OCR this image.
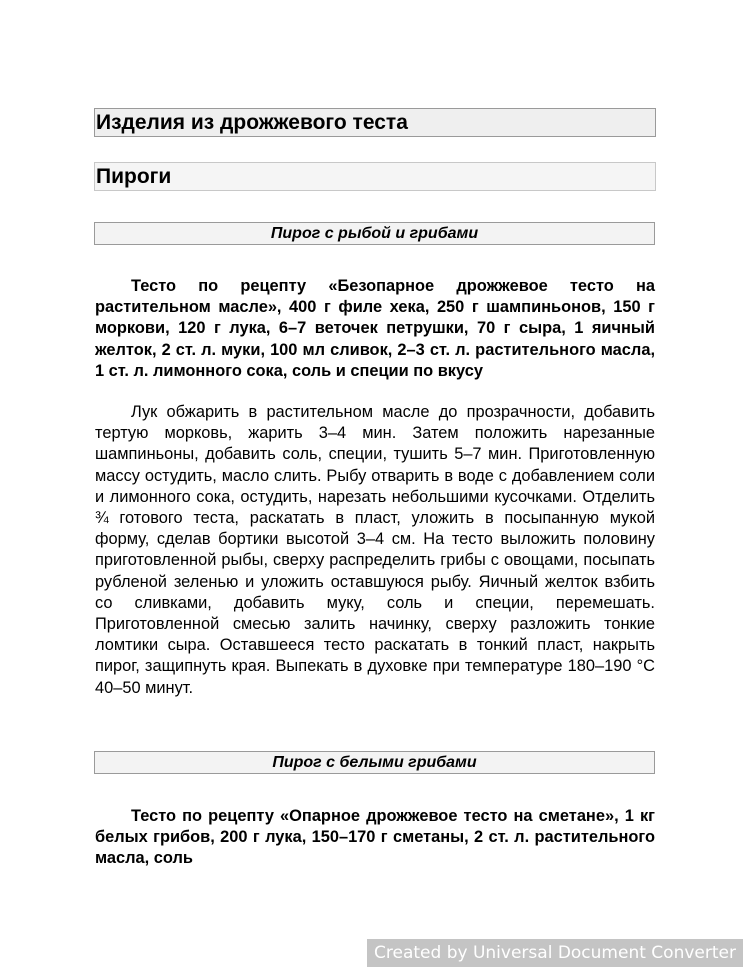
Изделия из дрожжевого теста
Пироги
Пирог с рыбой и грибами

Тесто по рецепту «Безопарное дрожжевое тесто на растительном масле», 400 г филе хека, 250 г шампиньонов, 150 г моркови, 120 г лука, 6–7 веточек петрушки, 70 г сыра, 1 яичный желток, 2 ст. л. муки, 100 мл сливок, 2–3 ст. л. растительного масла, 1 ст. л. лимонного сока, соль и специи по вкусу

Лук обжарить в растительном масле до прозрачности, добавить тертую морковь, жарить 3–4 мин. Затем положить нарезанные шампиньоны, добавить соль, специи, тушить 5–7 мин. Приготовленную массу остудить, масло слить. Рыбу отварить в воде с добавлением соли и лимонного сока, остудить, нарезать небольшими кусочками. Отделить ¾ готового теста, раскатать в пласт, уложить в посыпанную мукой форму, сделав бортики высотой 3–4 см. На тесто выложить половину приготовленной рыбы, сверху распределить грибы с овощами, посыпать рубленой зеленью и уложить оставшуюся рыбу. Яичный желток взбить со сливками, добавить муку, соль и специи, перемешать. Приготовленной смесью залить начинку, сверху разложить тонкие ломтики сыра. Оставшееся тесто раскатать в тонкий пласт, накрыть пирог, защипнуть края. Выпекать в духовке при температуре 180–190 °С 40–50 минут.

Пирог с белыми грибами

Тесто по рецепту «Опарное дрожжевое тесто на сметане», 1 кг белых грибов, 200 г лука, 150–170 г сметаны, 2 ст. л. растительного масла, соль

Created by Universal Document Converter
